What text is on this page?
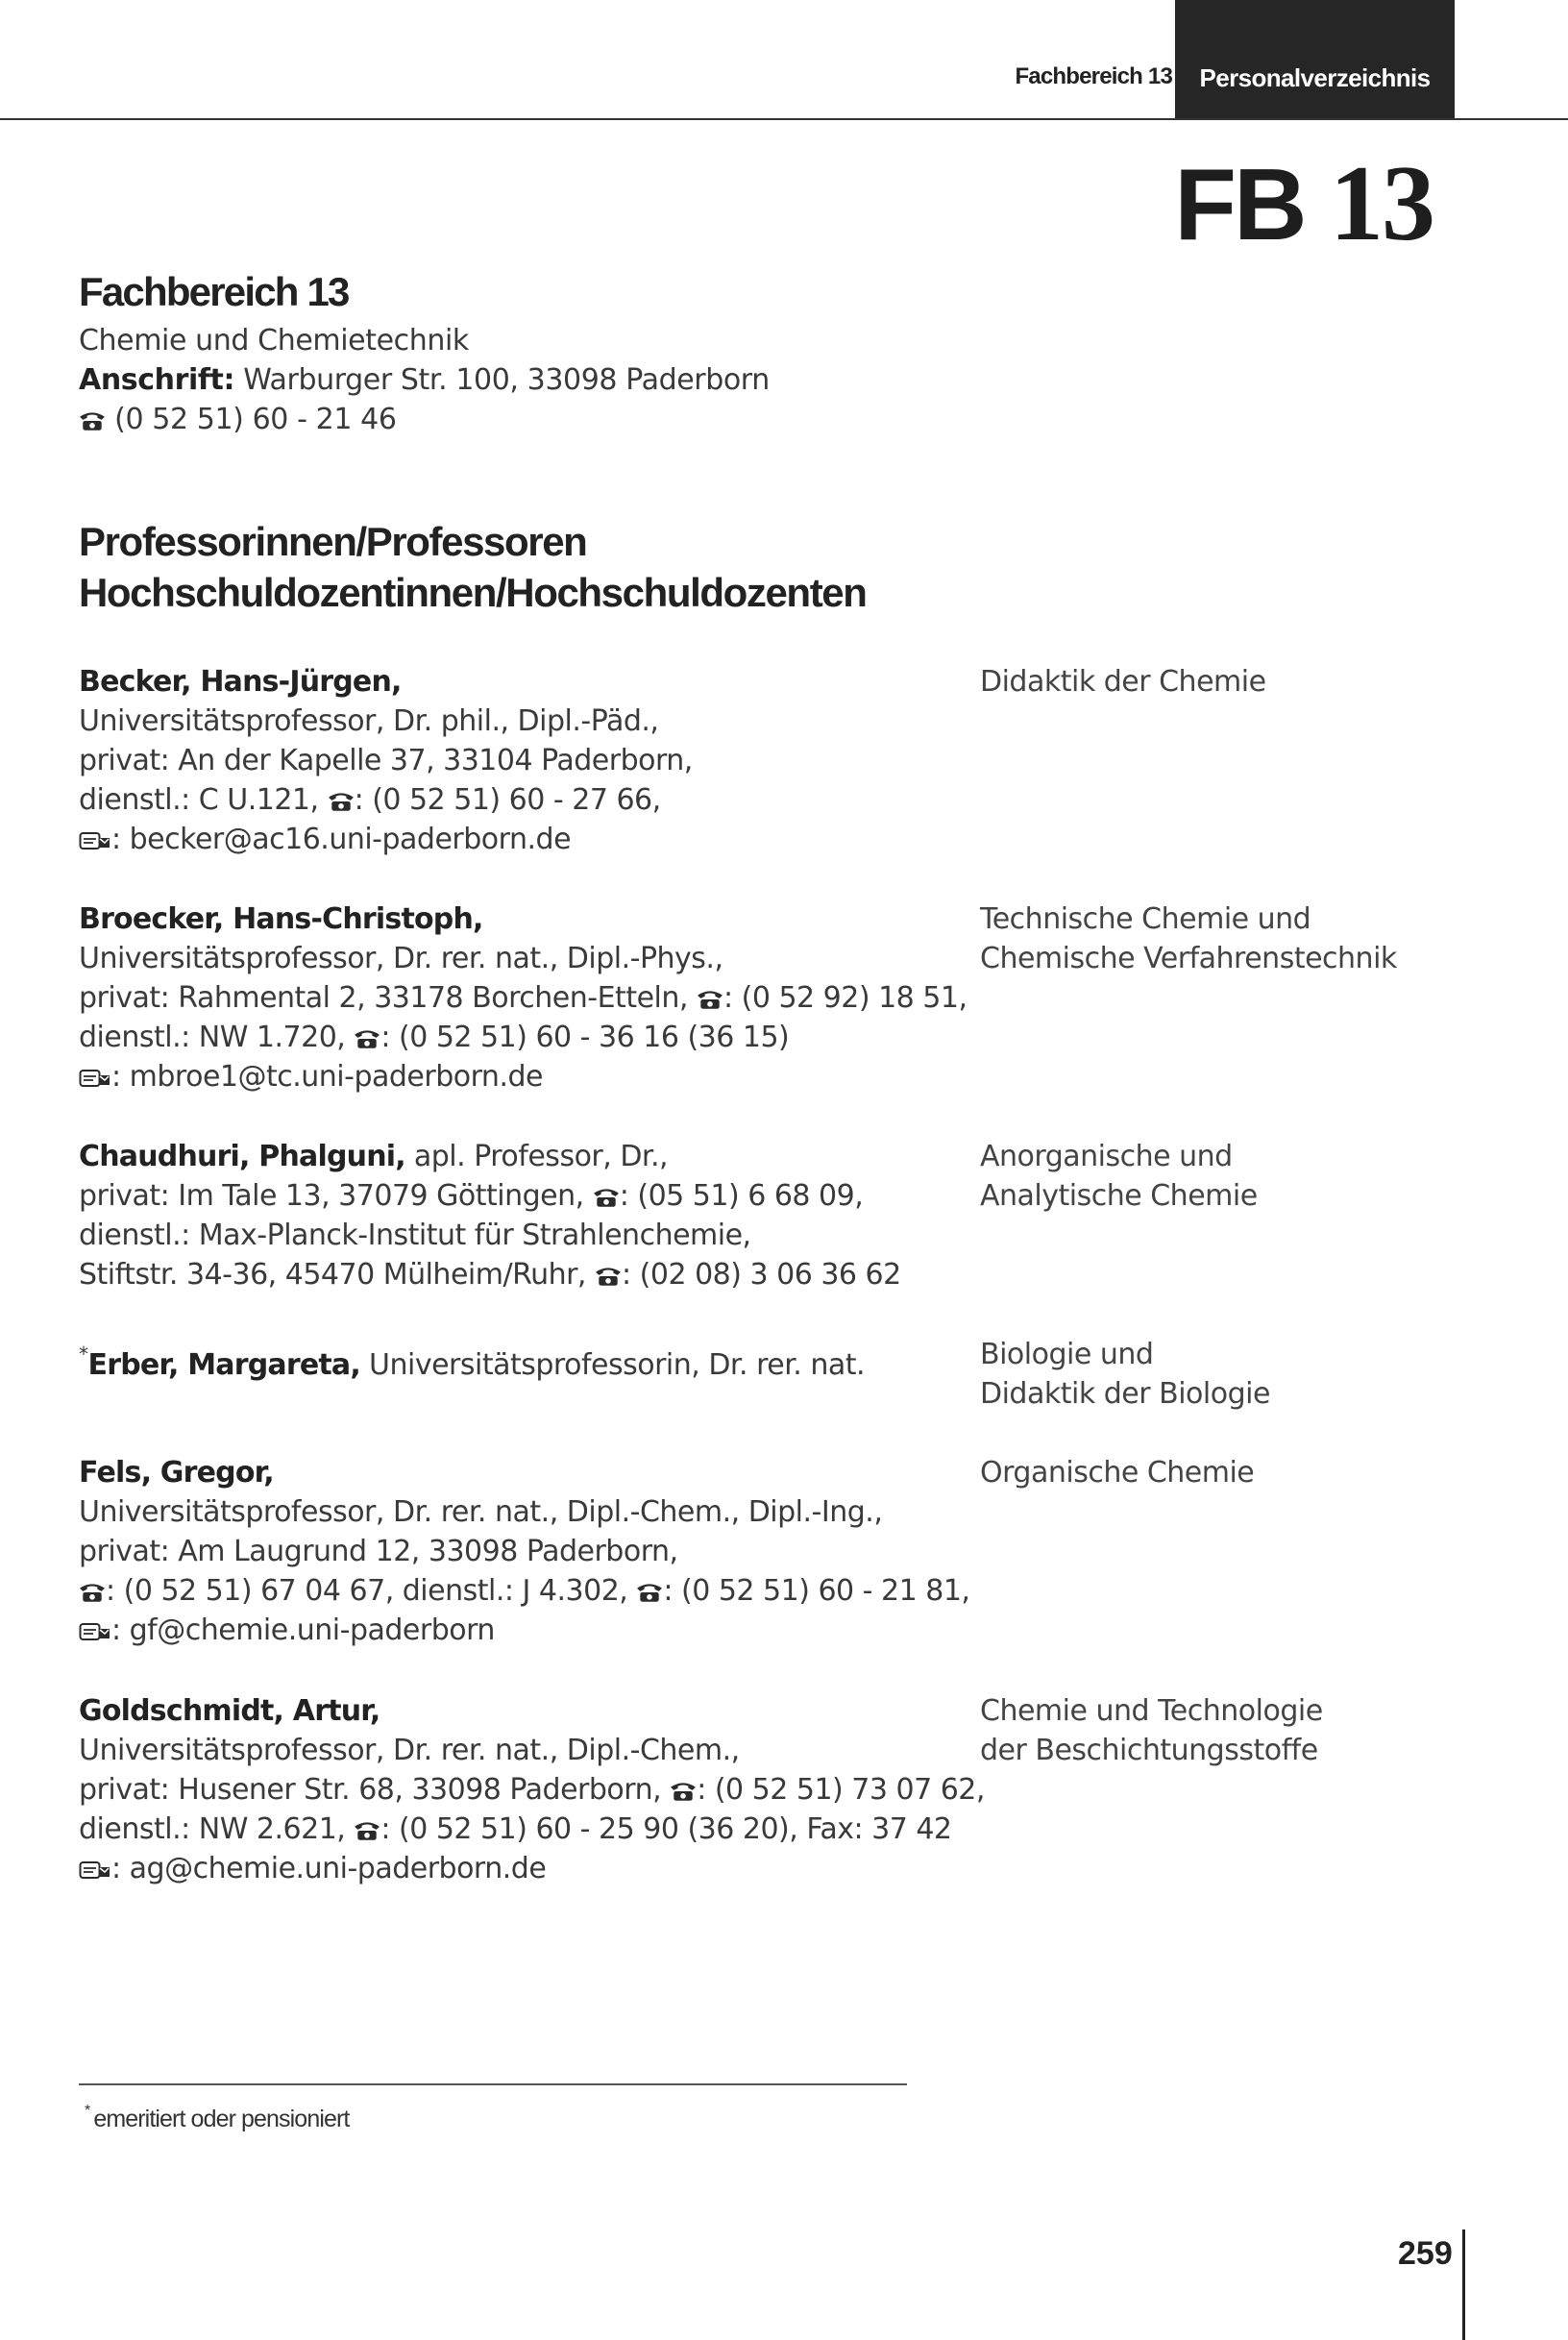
Fachbereich 13	Personalverzeichnis
FB 13
Fachbereich 13
Chemie und Chemietechnik
Anschrift: Warburger Str. 100, 33098 Paderborn
(0 52 51) 60 - 21 46
Professorinnen/Professoren
Hochschuldozentinnen/Hochschuldozenten
Becker, Hans-Jürgen,
Universitätsprofessor, Dr. phil., Dipl.-Päd.,
privat: An der Kapelle 37, 33104 Paderborn,
dienstl.: C U.121, : (0 52 51) 60 - 27 66,
: becker@ac16.uni-paderborn.de
Didaktik der Chemie
Broecker, Hans-Christoph,
Universitätsprofessor, Dr. rer. nat., Dipl.-Phys.,
privat: Rahmental 2, 33178 Borchen-Etteln, : (0 52 92) 18 51,
dienstl.: NW 1.720, : (0 52 51) 60 - 36 16 (36 15)
: mbroe1@tc.uni-paderborn.de
Technische Chemie und
Chemische Verfahrenstechnik
Chaudhuri, Phalguni, apl. Professor, Dr.,
privat: Im Tale 13, 37079 Göttingen, : (05 51) 6 68 09,
dienstl.: Max-Planck-Institut für Strahlenchemie,
Stiftstr. 34-36, 45470 Mülheim/Ruhr, : (02 08) 3 06 36 62
Anorganische und
Analytische Chemie
*Erber, Margareta, Universitätsprofessorin, Dr. rer. nat.	Biologie und
Didaktik der Biologie
Fels, Gregor,
Universitätsprofessor, Dr. rer. nat., Dipl.-Chem., Dipl.-Ing.,
privat: Am Laugrund 12, 33098 Paderborn,
: (0 52 51) 67 04 67, dienstl.: J 4.302, : (0 52 51) 60 - 21 81,
: gf@chemie.uni-paderborn
Organische Chemie
Goldschmidt, Artur,
Universitätsprofessor, Dr. rer. nat., Dipl.-Chem.,
privat: Husener Str. 68, 33098 Paderborn, : (0 52 51) 73 07 62,
dienstl.: NW 2.621, : (0 52 51) 60 - 25 90 (36 20), Fax: 37 42
: ag@chemie.uni-paderborn.de
Chemie und Technologie
der Beschichtungsstoffe
* emeritiert oder pensioniert
259
